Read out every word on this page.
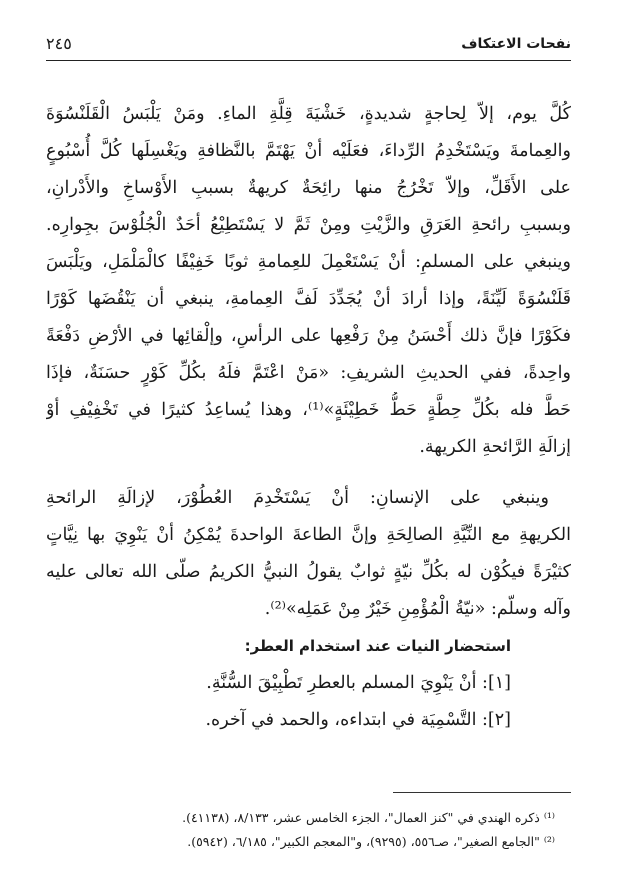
نفحات الاعتكاف
٢٤٥
كُلَّ يوم، إلاّ لِحاجةٍ شديدةٍ، خَشْيَةَ قِلَّةِ الماءِ. ومَنْ يَلْبَسُ الْقَلَنْسُوَةَ
والعِمامةَ ويَسْتَخْدِمُ الرِّداءَ، فعَلَيْه أنْ يَهْتَمَّ بالنَّظافةِ ويَغْسِلَها كُلَّ أُسْبُوعٍ
على الأَقَلِّ، وإلاّ تَخْرُجُ منها رائِحَةٌ كريهةٌ بسببِ الأَوْساخِ والأَدْرانِ،
وبسببِ رائحةِ العَرَقِ والزَّيْتِ ومِنْ ثَمَّ لا يَسْتَطِيْعُ أحَدٌ الْجُلُوْسَ بجِوارِه.
وينبغي على المسلمِ: أنْ يَسْتَعْمِلَ للعِمامةِ ثوبًا خَفِيْفًا كالْمَلْمَلِ، ويَلْبَسَ
قَلَنْسُوَةً لَيِّنَةً، وإذا أرادَ أنْ يُجَدِّدَ لَفَّ العِمامةِ، ينبغي أن يَنْقُضَها كَوْرًا
فكَوْرًا فإنَّ ذلك أَحْسَنُ مِنْ رَفْعِها على الرأسِ، وإلْقائِها في الأرْضِ دَفْعَةً
واحِدةً، ففي الحديثِ الشريفِ: «مَنْ اعْتَمَّ فلَهُ بكُلِّ كَوْرٍ حسَنَةٌ، فإذَا
حَطَّ فله بكُلِّ حِطَّةٍ حَطُّ خَطِيْئَةٍ»⁽¹⁾، وهذا يُساعِدُ كثيرًا في تَخْفِيْفِ أوْ
إزالَةِ الرَّائحةِ الكريهة.
وينبغي على الإنسانِ: أنْ يَسْتَخْدِمَ العُطُوْرَ، لإزالَةِ الرائحةِ
الكريهةِ مع النِّيَّةِ الصالِحَةِ وإنَّ الطاعةَ الواحدةَ يُمْكِنُ أنْ يَنْوِيَ بها نِيَّاتٍ
كثيْرَةً فيكُوْن له بكُلِّ نيّةٍ ثوابٌ يقولُ النبيُّ الكريمُ صلّى الله تعالى عليه
وآله وسلّم: «نيّةُ الْمُؤْمِنِ خَيْرٌ مِنْ عَمَلِه»⁽²⁾.
استحضار النيات عند استخدام العطر:
[١]: أنْ يَنْوِيَ المسلم بالعطرِ تَطْبِيْقَ السُّنَّةِ.
[٢]: التَّسْمِيَة في ابتداءه، والحمد في آخره.
⁽¹⁾ ذكره الهندي في "كنز العمال"، الجزء الخامس عشر، ٨/١٣٣، (٤١١٣٨).
⁽²⁾ "الجامع الصغير"، صـ٥٥٦، (٩٢٩٥)، و"المعجم الكبير"، ٦/١٨٥، (٥٩٤٢).
